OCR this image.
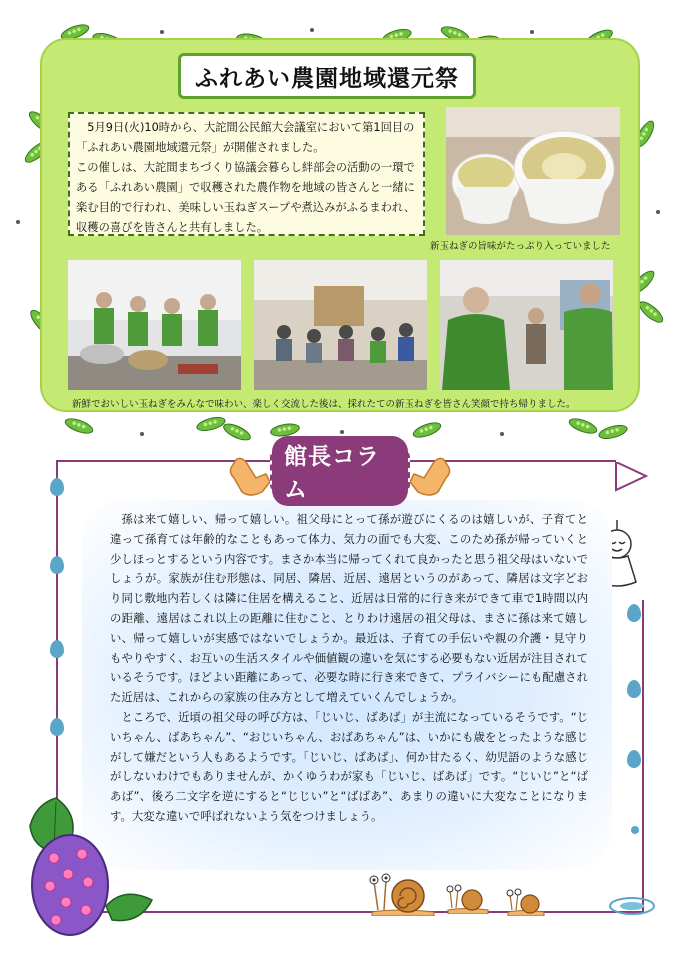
ふれあい農園地域還元祭

5月9日(火)10時から、大詑間公民館大会議室において第1回目の「ふれあい農園地域還元祭」が開催されました。

この催しは、大詑間まちづくり協議会暮らし絆部会の活動の一環である「ふれあい農園」で収穫された農作物を地域の皆さんと一緒に楽む目的で行われ、美味しい玉ねぎスープや煮込みがふるまわれ、収穫の喜びを皆さんと共有しました。

新玉ねぎの旨味がたっぷり入っていました
新鮮でおいしい玉ねぎをみんなで味わい、楽しく交流した後は、採れたての新玉ねぎを皆さん笑顔で持ち帰りました。
館長コラム

孫は来て嬉しい、帰って嬉しい。祖父母にとって孫が遊びにくるのは嬉しいが、子育てと違って孫育ては年齢的なこともあって体力、気力の面でも大変、このため孫が帰っていくと少しほっとするという内容です。まさか本当に帰ってくれて良かったと思う祖父母はいないでしょうが。家族が住む形態は、同居、隣居、近居、遠居というのがあって、隣居は文字どおり同じ敷地内若しくは隣に住居を構えること、近居は日常的に行き来ができて車で1時間以内の距離、遠居はこれ以上の距離に住むこと、とりわけ遠居の祖父母は、まさに孫は来て嬉しい、帰って嬉しいが実感ではないでしょうか。最近は、子育ての手伝いや親の介護・見守りもやりやすく、お互いの生活スタイルや価値観の違いを気にする必要もない近居が注目されているそうです。ほどよい距離にあって、必要な時に行き来できて、プライバシーにも配慮された近居は、これからの家族の住み方として増えていくんでしょうか。

ところで、近頃の祖父母の呼び方は、「じいじ、ばあば」が主流になっているそうです。“じいちゃん、ばあちゃん”、“おじいちゃん、おばあちゃん”は、いかにも歳をとったような感じがして嫌だという人もあるようです。「じいじ、ばあば」、何か甘たるく、幼児語のような感じがしないわけでもありませんが、かくゆうわが家も「じいじ、ばあば」です。“じいじ”と“ばあば”、後ろ二文字を逆にすると“じじい”と“ばばあ”、あまりの違いに大変なことになります。大変な違いで呼ばれないよう気をつけましょう。
